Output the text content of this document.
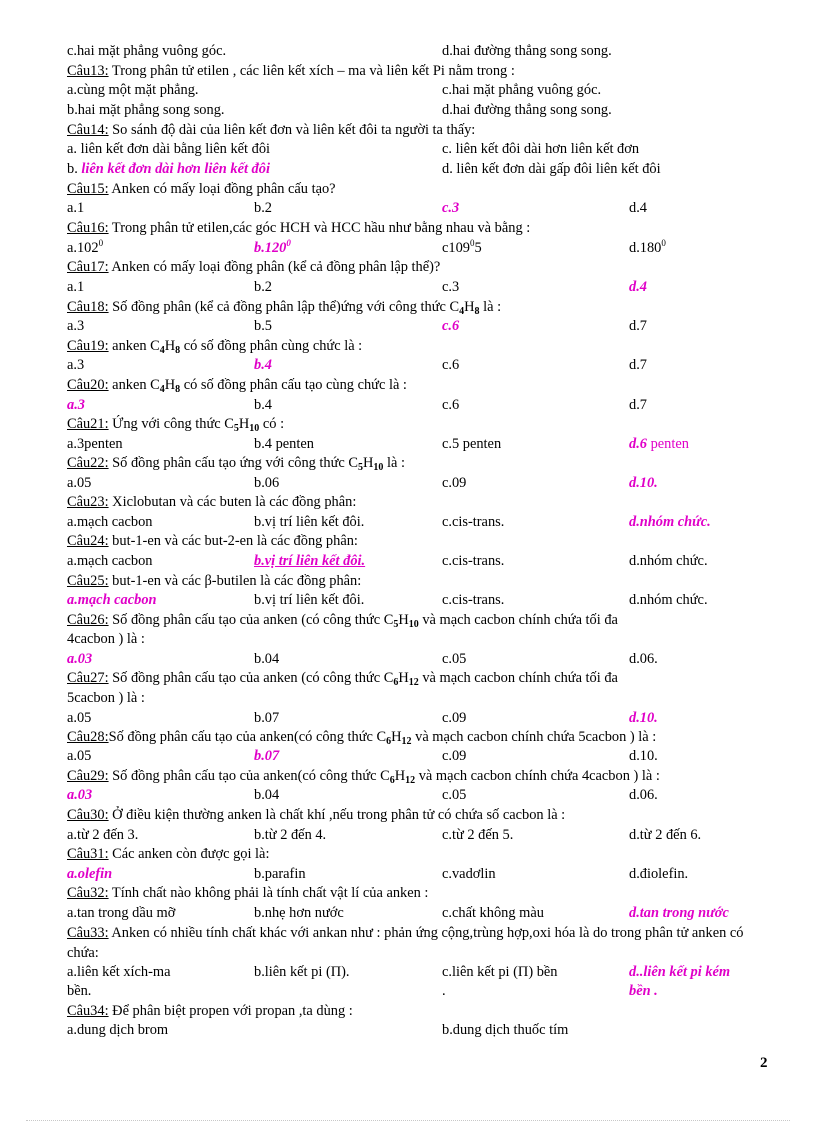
c.hai mặt phẳng vuông góc.	d.hai đường thẳng song song.
Câu13: Trong phân tử etilen , các liên kết xích – ma và liên kết Pi nằm trong :
a.cùng một mặt phẳng.	c.hai mặt phẳng vuông góc.
b.hai mặt phẳng song song.	d.hai đường thẳng song song.
Câu14: So sánh độ dài của liên kết đơn và liên kết đôi ta người ta thấy:
a. liên kết đơn dài bằng liên kết đôi	c. liên kết đôi dài hơn liên kết đơn
b. liên kết đơn dài hơn liên kết đôi	d. liên kết đơn dài gấp đôi liên kết đôi
Câu15: Anken có mấy loại đồng phân cấu tạo?
a.1	b.2	c.3	d.4
Câu16: Trong phân tử etilen,các góc HCH và HCC hầu như bằng nhau và bằng :
a.102$^0$	b.120$^0$	$c109^05$	d.180$^0$
Câu17: Anken có mấy loại đồng phân (kể cả đồng phân lập thể)?
a.1	b.2	c.3	d.4
Câu18: Số đồng phân (kể cả đồng phân lập thể)ứng với công thức $C_4H_8$ là :
a.3	b.5	c.6	d.7
Câu19: anken $C_4H_8$ có số đồng phân cùng chức là :
a.3	b.4	c.6	d.7
Câu20: anken $C_4H_8$ có số đồng phân cấu tạo cùng chức là :
a.3	b.4	c.6	d.7
Câu21: Ứng với công thức $C_5H_{10}$ có :
a.3penten	b.4 penten	c.5 penten	d.6 penten
Câu22: Số đồng phân cấu tạo ứng với công thức $C_5H_{10}$ là :
a.05	b.06	c.09	d.10.
Câu23: Xiclobutan và các buten là các đồng phân:
a.mạch cacbon	b.vị trí liên kết đôi.	c.cis-trans.	d.nhóm chức.
Câu24: but-1-en và các but-2-en là các đồng phân:
a.mạch cacbon	b.vị trí liên kết đôi.	c.cis-trans.	d.nhóm chức.
Câu25: but-1-en và các β-butilen là các đồng phân:
a.mạch cacbon	b.vị trí liên kết đôi.	c.cis-trans.	d.nhóm chức.
Câu26: Số đồng phân cấu tạo của anken (có công thức $C_5H_{10}$ và mạch cacbon chính chứa tối đa
4cacbon ) là :
a.03	b.04	c.05	d.06.
Câu27: Số đồng phân cấu tạo của anken (có công thức $C_6H_{12}$ và mạch cacbon chính chứa tối đa
5cacbon ) là :
a.05	b.07	c.09	d.10.
Câu28:Số đồng phân cấu tạo của anken(có công thức $C_6H_{12}$ và mạch cacbon chính chứa 5cacbon ) là :
a.05	b.07	c.09	d.10.
Câu29: Số đồng phân cấu tạo của anken(có công thức $C_6H_{12}$ và mạch cacbon chính chứa 4cacbon ) là :
a.03	b.04	c.05	d.06.
Câu30: Ở điều kiện thường anken là chất khí ,nếu trong phân tử có chứa số cacbon là :
a.từ 2 đến 3.	b.từ 2 đến 4.	c.từ 2 đến 5.	d.từ 2 đến 6.
Câu31: Các anken còn được gọi là:
a.olefin	b.parafin	c.vadơlin	d.điolefin.
Câu32: Tính chất nào không phải là tính chất vật lí của anken :
a.tan trong dầu mỡ	b.nhẹ hơn nước	c.chất không màu	d.tan trong nước
Câu33: Anken có nhiều tính chất khác với ankan như : phản ứng cộng,trùng hợp,oxi hóa là do trong phân tử anken có chứa:
a.liên kết xích-ma	b.liên kết pi (Π).	c.liên kết pi (Π) bền	d..liên kết pi kém
bền.	.	bền .
Câu34: Để phân biệt propen với propan ,ta dùng :
a.dung dịch brom	b.dung dịch thuốc tím
2
